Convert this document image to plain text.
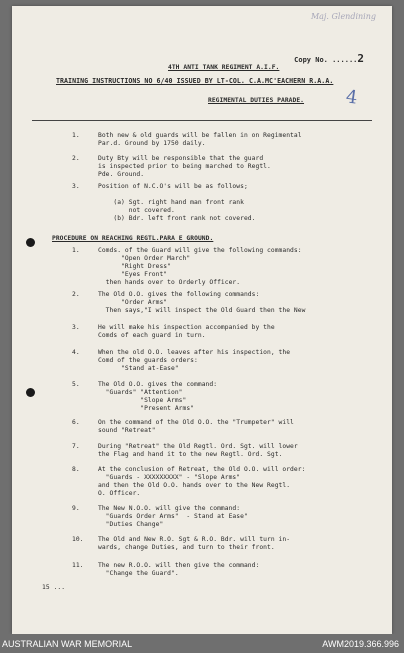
Maj. Glendining
Copy No. ......2
4TH ANTI TANK REGIMENT A.I.F.
TRAINING INSTRUCTIONS NO 6/40 ISSUED BY LT-COL. C.A.MC'EACHERN R.A.A.
REGIMENTAL DUTIES PARADE. 4
1.	Both new & old guards will be fallen in on Regimental
Par.d. Ground by 1750 daily.
2.	Duty Bty will be responsible that the guard
is inspected prior to being marched to Regtl.
Pde. Ground.
3.	Position of N.C.O's will be as follows;
(a) Sgt. right hand man front rank
not covered.
(b) Bdr. left front rank not covered.
PROCEDURE ON REACHING REGTL.PARA E GROUND.
1.	Comds. of the Guard will give the following commands:
"Open Order March"
"Right Dress"
"Eyes Front"
then hands over to Orderly Officer.
2.	The Old O.O. gives the following commands:
"Order Arms"
Then says,"I will inspect the Old Guard then the New
3.	He will make his inspection accompanied by the
Comds of each guard in turn.
4.	When the old O.O. leaves after his inspection, the
Comd of the guards orders:
"Stand at-Ease"
5.	The Old O.O. gives the command:
"Guards" "Attention"
"Slope Arms"
"Present Arms"
6.	On the command of the Old O.O. the "Trumpeter" will
sound "Retreat"
7.	During "Retreat" the Old Regtl. Ord. Sgt. will lower
the Flag and hand it to the new Regtl. Ord. Sgt.
8.	At the conclusion of Retreat, the Old O.O. will order:
"Guards - XXXXXXXXX" - "Slope Arms"
and then the Old O.O. hands over to the New Regtl.
O. Officer.
9.	The New N.O.O. will give the command:
"Guards Order Arms"  - Stand at Ease"
"Duties Change"
10. The Old and New R.O. Sgt & R.O. Bdr. will turn in-
wards, change Duties, and turn to their front.
11. The new R.O.O. will then give the command:
"Change the Guard".
15 ...
AUSTRALIAN WAR MEMORIAL	AWM2019.366.996
